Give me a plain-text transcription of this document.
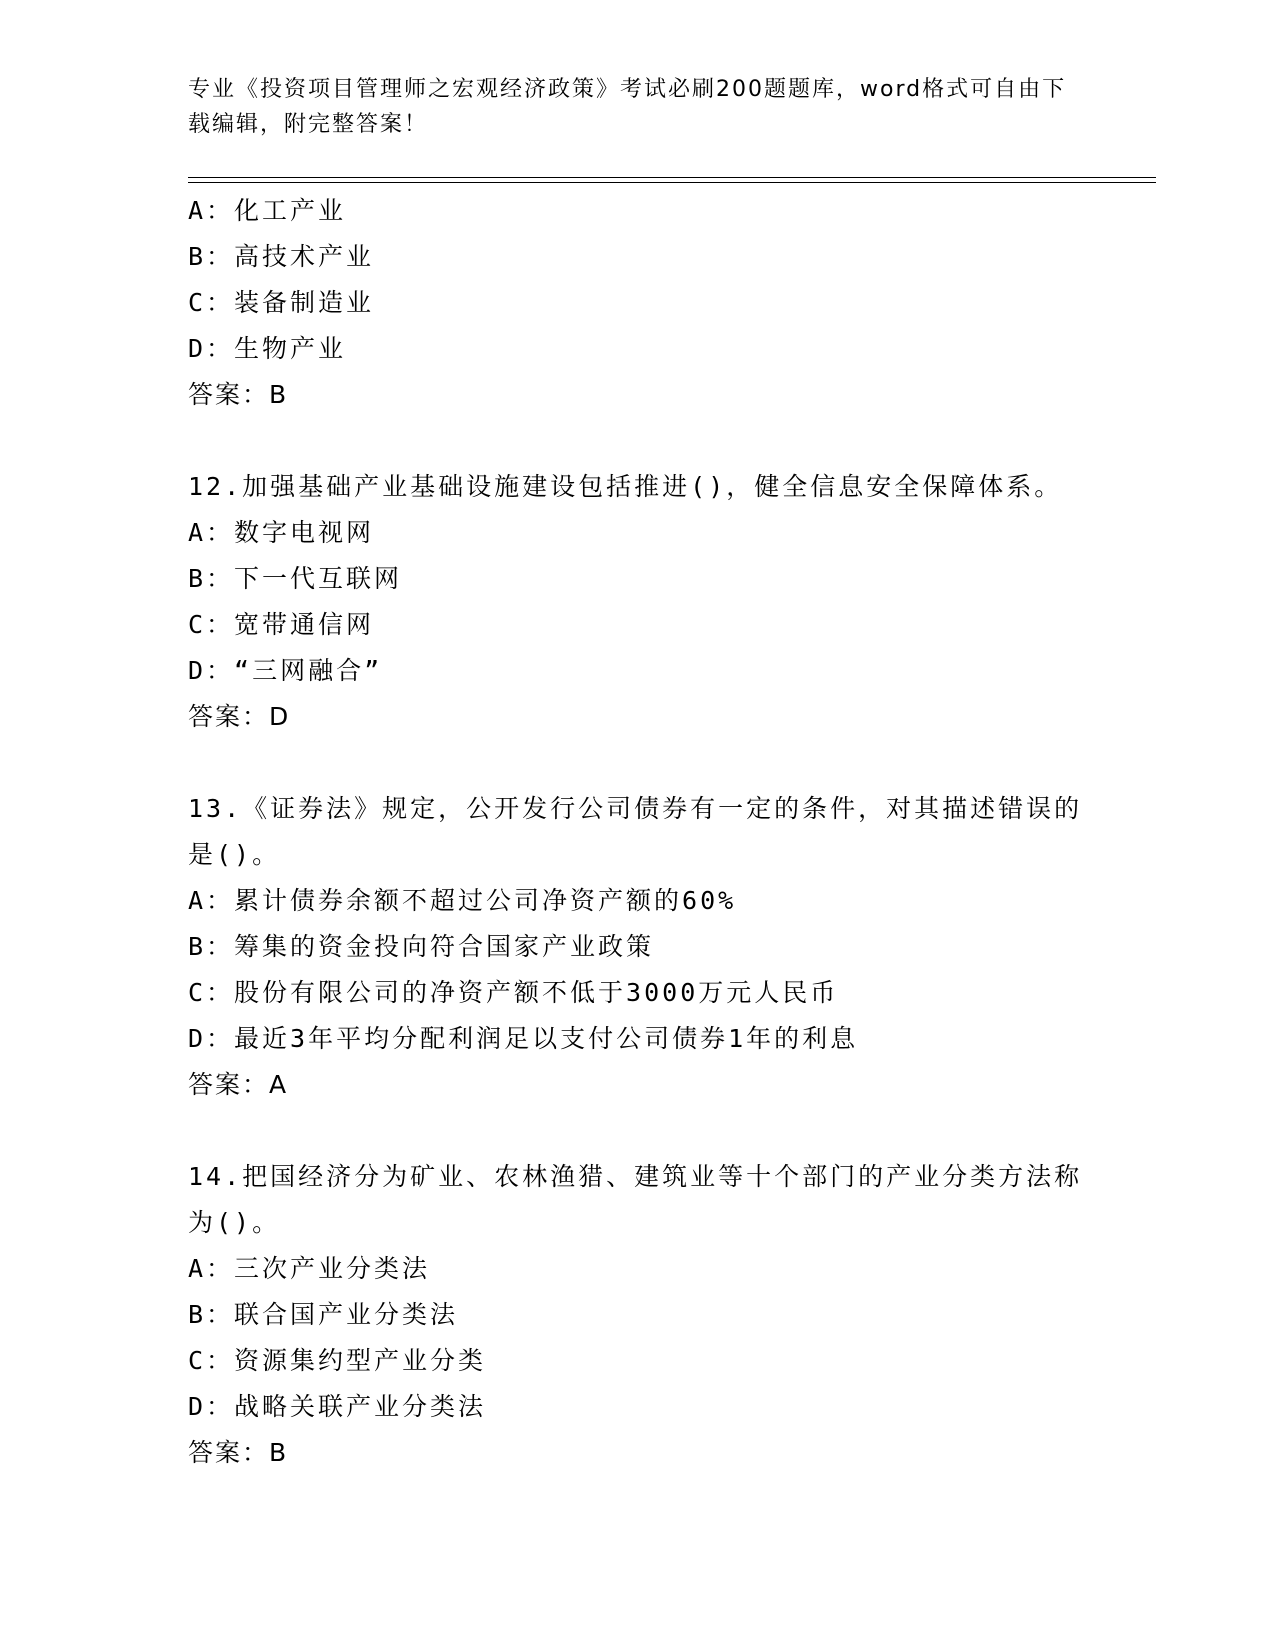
专业《投资项目管理师之宏观经济政策》考试必刷200题题库，word格式可自由下载编辑，附完整答案！
A：化工产业
B：高技术产业
C：装备制造业
D：生物产业
答案：B
12.加强基础产业基础设施建设包括推进()，健全信息安全保障体系。
A：数字电视网
B：下一代互联网
C：宽带通信网
D：“三网融合”
答案：D
13.《证券法》规定，公开发行公司债券有一定的条件，对其描述错误的是()。
A：累计债券余额不超过公司净资产额的60%
B：筹集的资金投向符合国家产业政策
C：股份有限公司的净资产额不低于3000万元人民币
D：最近3年平均分配利润足以支付公司债券1年的利息
答案：A
14.把国经济分为矿业、农林渔猎、建筑业等十个部门的产业分类方法称为()。
A：三次产业分类法
B：联合国产业分类法
C：资源集约型产业分类
D：战略关联产业分类法
答案：B
